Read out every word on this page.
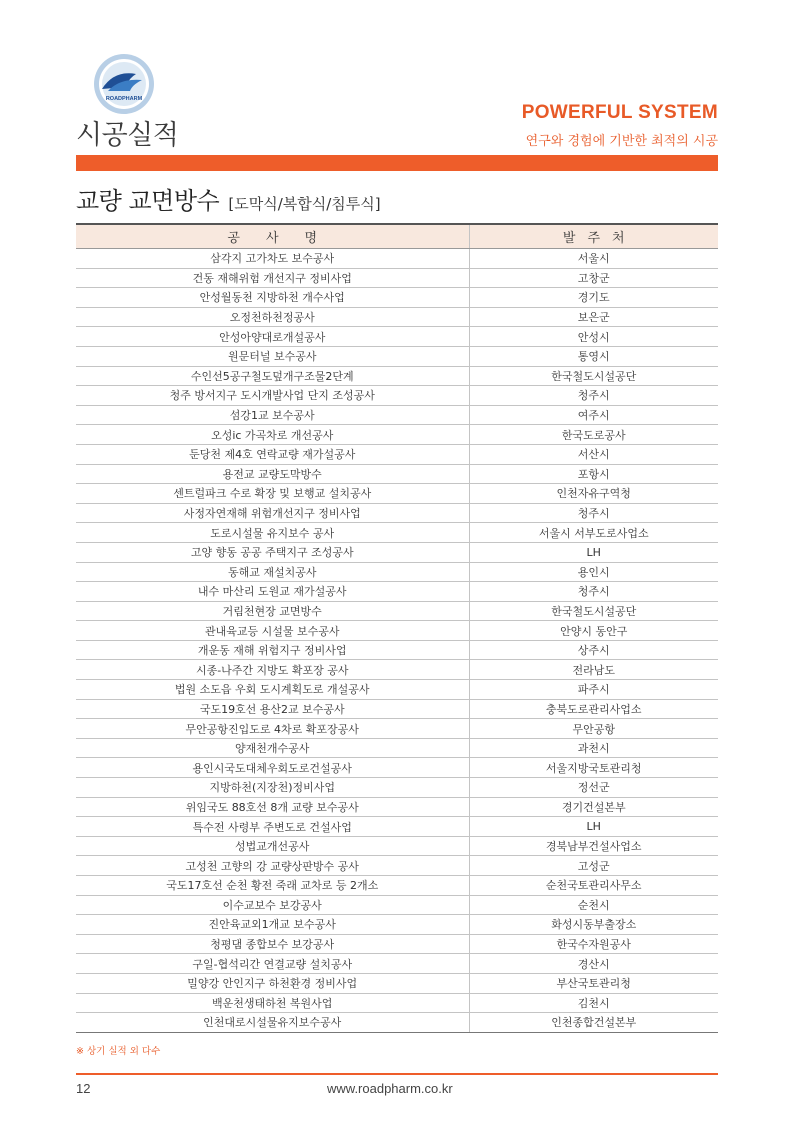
ROADPHARM
시공실적
POWERFUL SYSTEM
연구와 경험에 기반한 최적의 시공
교량 교면방수 [도막식/복합식/침투식]
공사명	발주처
삼각지 고가차도 보수공사	서울시
건동 재해위험 개선지구 정비사업	고창군
안성월동천 지방하천 개수사업	경기도
오정천하천정공사	보은군
안성아양대로개설공사	안성시
원문터널 보수공사	통영시
수인선5공구철도덮개구조물2단계	한국철도시설공단
청주 방서지구 도시개발사업 단지 조성공사	청주시
섬강1교 보수공사	여주시
오성ic 가곡차로 개선공사	한국도로공사
둔당천 제4호 연락교량 재가설공사	서산시
용전교 교량도막방수	포항시
센트럴파크 수로 확장 및 보행교 설치공사	인천자유구역청
사정자연재해 위험개선지구 정비사업	청주시
도로시설물 유지보수 공사	서울시 서부도로사업소
고양 향동 공공 주택지구 조성공사	LH
동해교 재설치공사	용인시
내수 마산리 도원교 재가설공사	청주시
거림천현장 교면방수	한국철도시설공단
관내육교등 시설물 보수공사	안양시 동안구
개운동 재해 위험지구 정비사업	상주시
시종-나주간 지방도 확포장 공사	전라남도
법원 소도읍 우회 도시계획도로 개설공사	파주시
국도19호선 용산2교 보수공사	충북도로관리사업소
무안공항진입도로 4차로 확포장공사	무안공항
양재천개수공사	과천시
용인시국도대체우회도로건설공사	서울지방국토관리청
지방하천(지장천)정비사업	정선군
위임국도 88호선 8개 교량 보수공사	경기건설본부
특수전 사령부 주변도로 건설사업	LH
성법교개선공사	경북남부건설사업소
고성천 고향의 강 교량상판방수 공사	고성군
국도17호선 순천 황전 죽래 교차로 등 2개소	순천국토관리사무소
이수교보수 보강공사	순천시
진안육교외1개교 보수공사	화성시동부출장소
청평댐 종합보수 보강공사	한국수자원공사
구일-협석리간 연결교량 설치공사	경산시
밀양강 안인지구 하천환경 정비사업	부산국토관리청
백운천생태하천 복원사업	김천시
인천대로시설물유지보수공사	인천종합건설본부
※ 상기 실적 외 다수
12	www.roadpharm.co.kr
